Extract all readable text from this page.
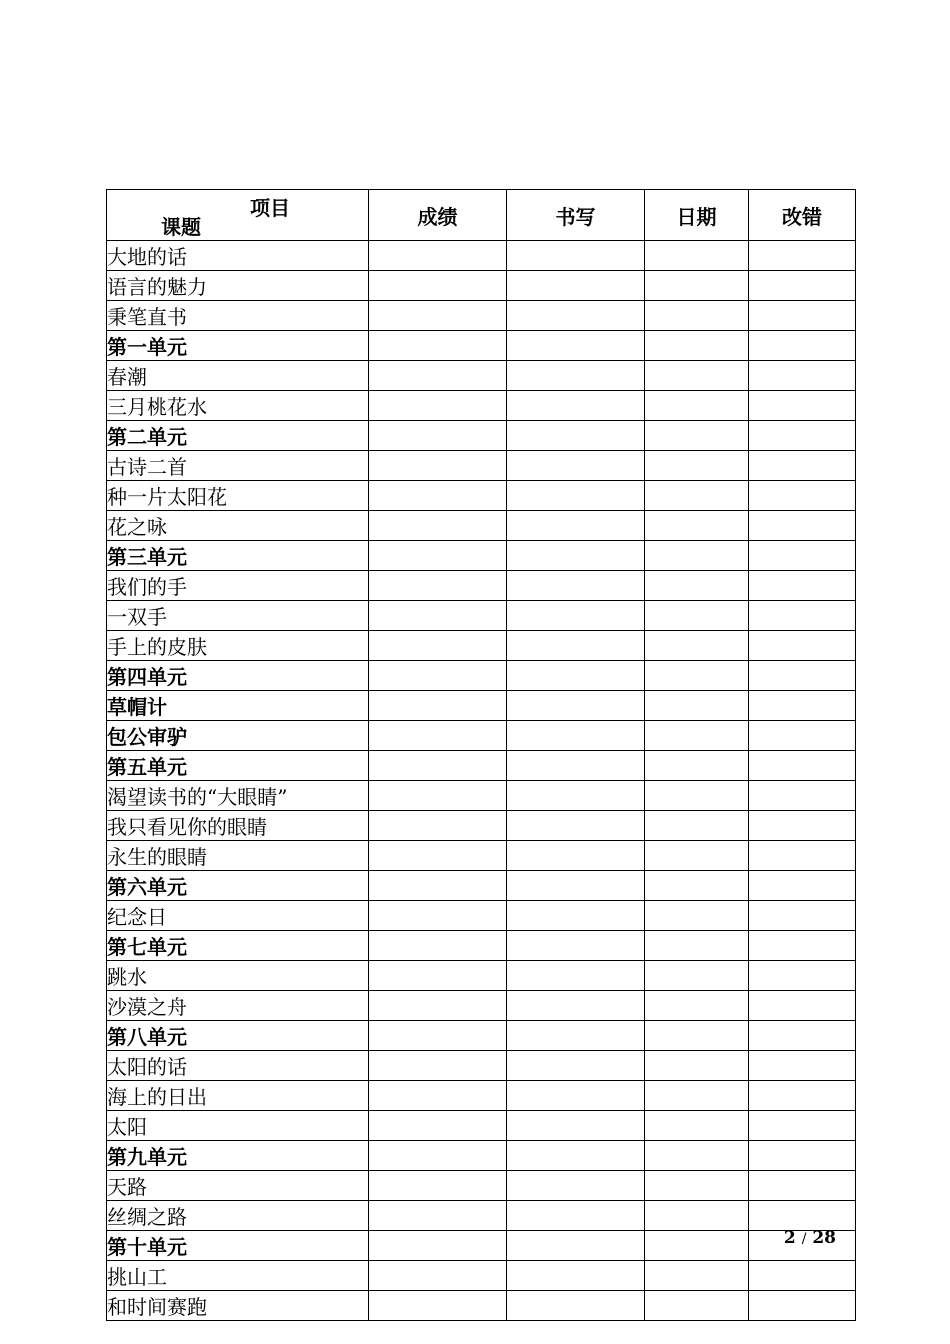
项目
课题	成绩	书写	日期	改错
大地的话				
语言的魅力				
秉笔直书				
第一单元				
春潮				
三月桃花水				
第二单元				
古诗二首				
种一片太阳花				
花之咏				
第三单元				
我们的手				
一双手				
手上的皮肤				
第四单元				
草帽计				
包公审驴				
第五单元				
渴望读书的“大眼睛”				
我只看见你的眼睛				
永生的眼睛				
第六单元				
纪念日				
第七单元				
跳水				
沙漠之舟				
第八单元				
太阳的话				
海上的日出				
太阳				
第九单元				
天路				
丝绸之路				
第十单元				
挑山工				
和时间赛跑				
2 / 28
